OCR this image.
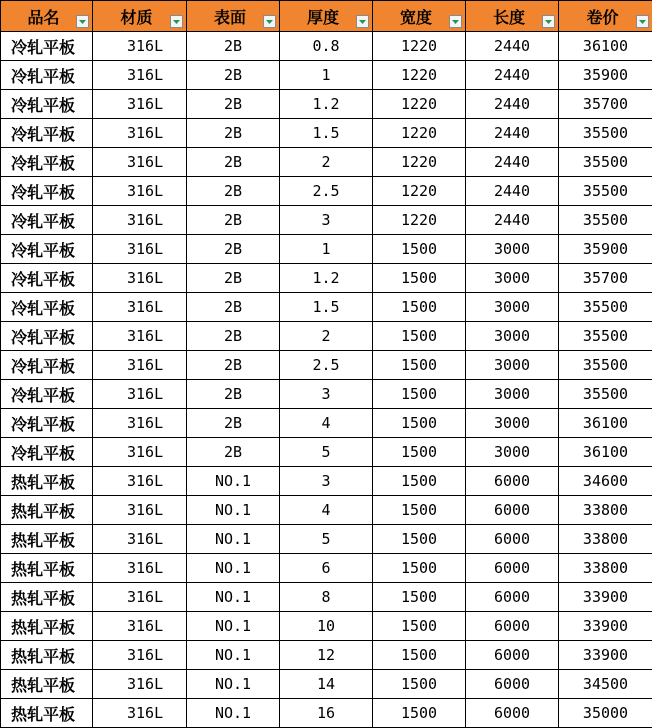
品名	材质	表面	厚度	宽度	长度	卷价

冷轧平板	316L	2B	0.8	1220	2440	36100
冷轧平板	316L	2B	1	1220	2440	35900
冷轧平板	316L	2B	1.2	1220	2440	35700
冷轧平板	316L	2B	1.5	1220	2440	35500
冷轧平板	316L	2B	2	1220	2440	35500
冷轧平板	316L	2B	2.5	1220	2440	35500
冷轧平板	316L	2B	3	1220	2440	35500
冷轧平板	316L	2B	1	1500	3000	35900
冷轧平板	316L	2B	1.2	1500	3000	35700
冷轧平板	316L	2B	1.5	1500	3000	35500
冷轧平板	316L	2B	2	1500	3000	35500
冷轧平板	316L	2B	2.5	1500	3000	35500
冷轧平板	316L	2B	3	1500	3000	35500
冷轧平板	316L	2B	4	1500	3000	36100
冷轧平板	316L	2B	5	1500	3000	36100
热轧平板	316L	NO.1	3	1500	6000	34600
热轧平板	316L	NO.1	4	1500	6000	33800
热轧平板	316L	NO.1	5	1500	6000	33800
热轧平板	316L	NO.1	6	1500	6000	33800
热轧平板	316L	NO.1	8	1500	6000	33900
热轧平板	316L	NO.1	10	1500	6000	33900
热轧平板	316L	NO.1	12	1500	6000	33900
热轧平板	316L	NO.1	14	1500	6000	34500
热轧平板	316L	NO.1	16	1500	6000	35000
